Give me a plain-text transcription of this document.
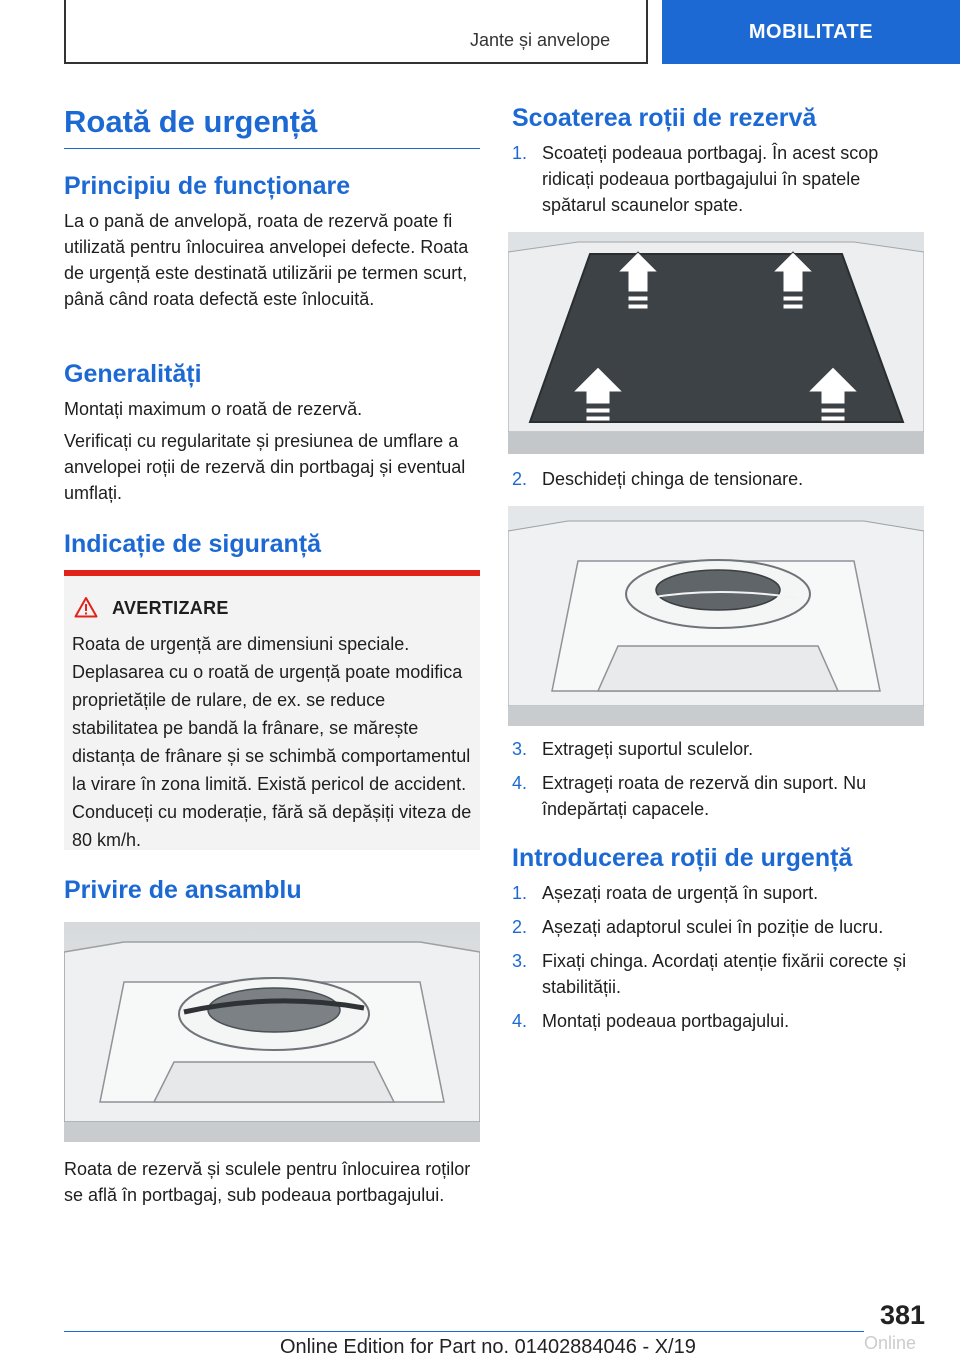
Jante și anvelope	MOBILITATE
Roată de urgență
Principiu de funcționare
La o pană de anvelopă, roata de rezervă poate fi utilizată pentru înlocuirea anvelopei defecte. Roata de urgență este destinată utilizării pe termen scurt, până când roata defectă este înlocuită.
Generalități
Montați maximum o roată de rezervă.
Verificați cu regularitate și presiunea de umflare a anvelopei roții de rezervă din portbagaj și eventual umflați.
Indicație de siguranță
AVERTIZARE
Roata de urgență are dimensiuni speciale. Deplasarea cu o roată de urgență poate modifica proprietățile de rulare, de ex. se reduce stabilitatea pe bandă la frânare, se mărește distanța de frânare și se schimbă comportamentul la virare în zona limită. Există pericol de accident. Conduceți cu moderație, fără să depășiți viteza de 80 km/h.
Privire de ansamblu
Roata de rezervă și sculele pentru înlocuirea roților se află în portbagaj, sub podeaua portbagajului.
Scoaterea roții de rezervă
1. Scoateți podeaua portbagaj. În acest scop ridicați podeaua portbagajului în spatele spătarul scaunelor spate.
2. Deschideți chinga de tensionare.
3. Extrageți suportul sculelor.
4. Extrageți roata de rezervă din suport. Nu îndepărtați capacele.
Introducerea roții de urgență
1. Așezați roata de urgență în suport.
2. Așezați adaptorul sculei în poziție de lucru.
3. Fixați chinga. Acordați atenție fixării corecte și stabilității.
4. Montați podeaua portbagajului.
381
Online Edition for Part no. 01402884046 - X/19	Online
